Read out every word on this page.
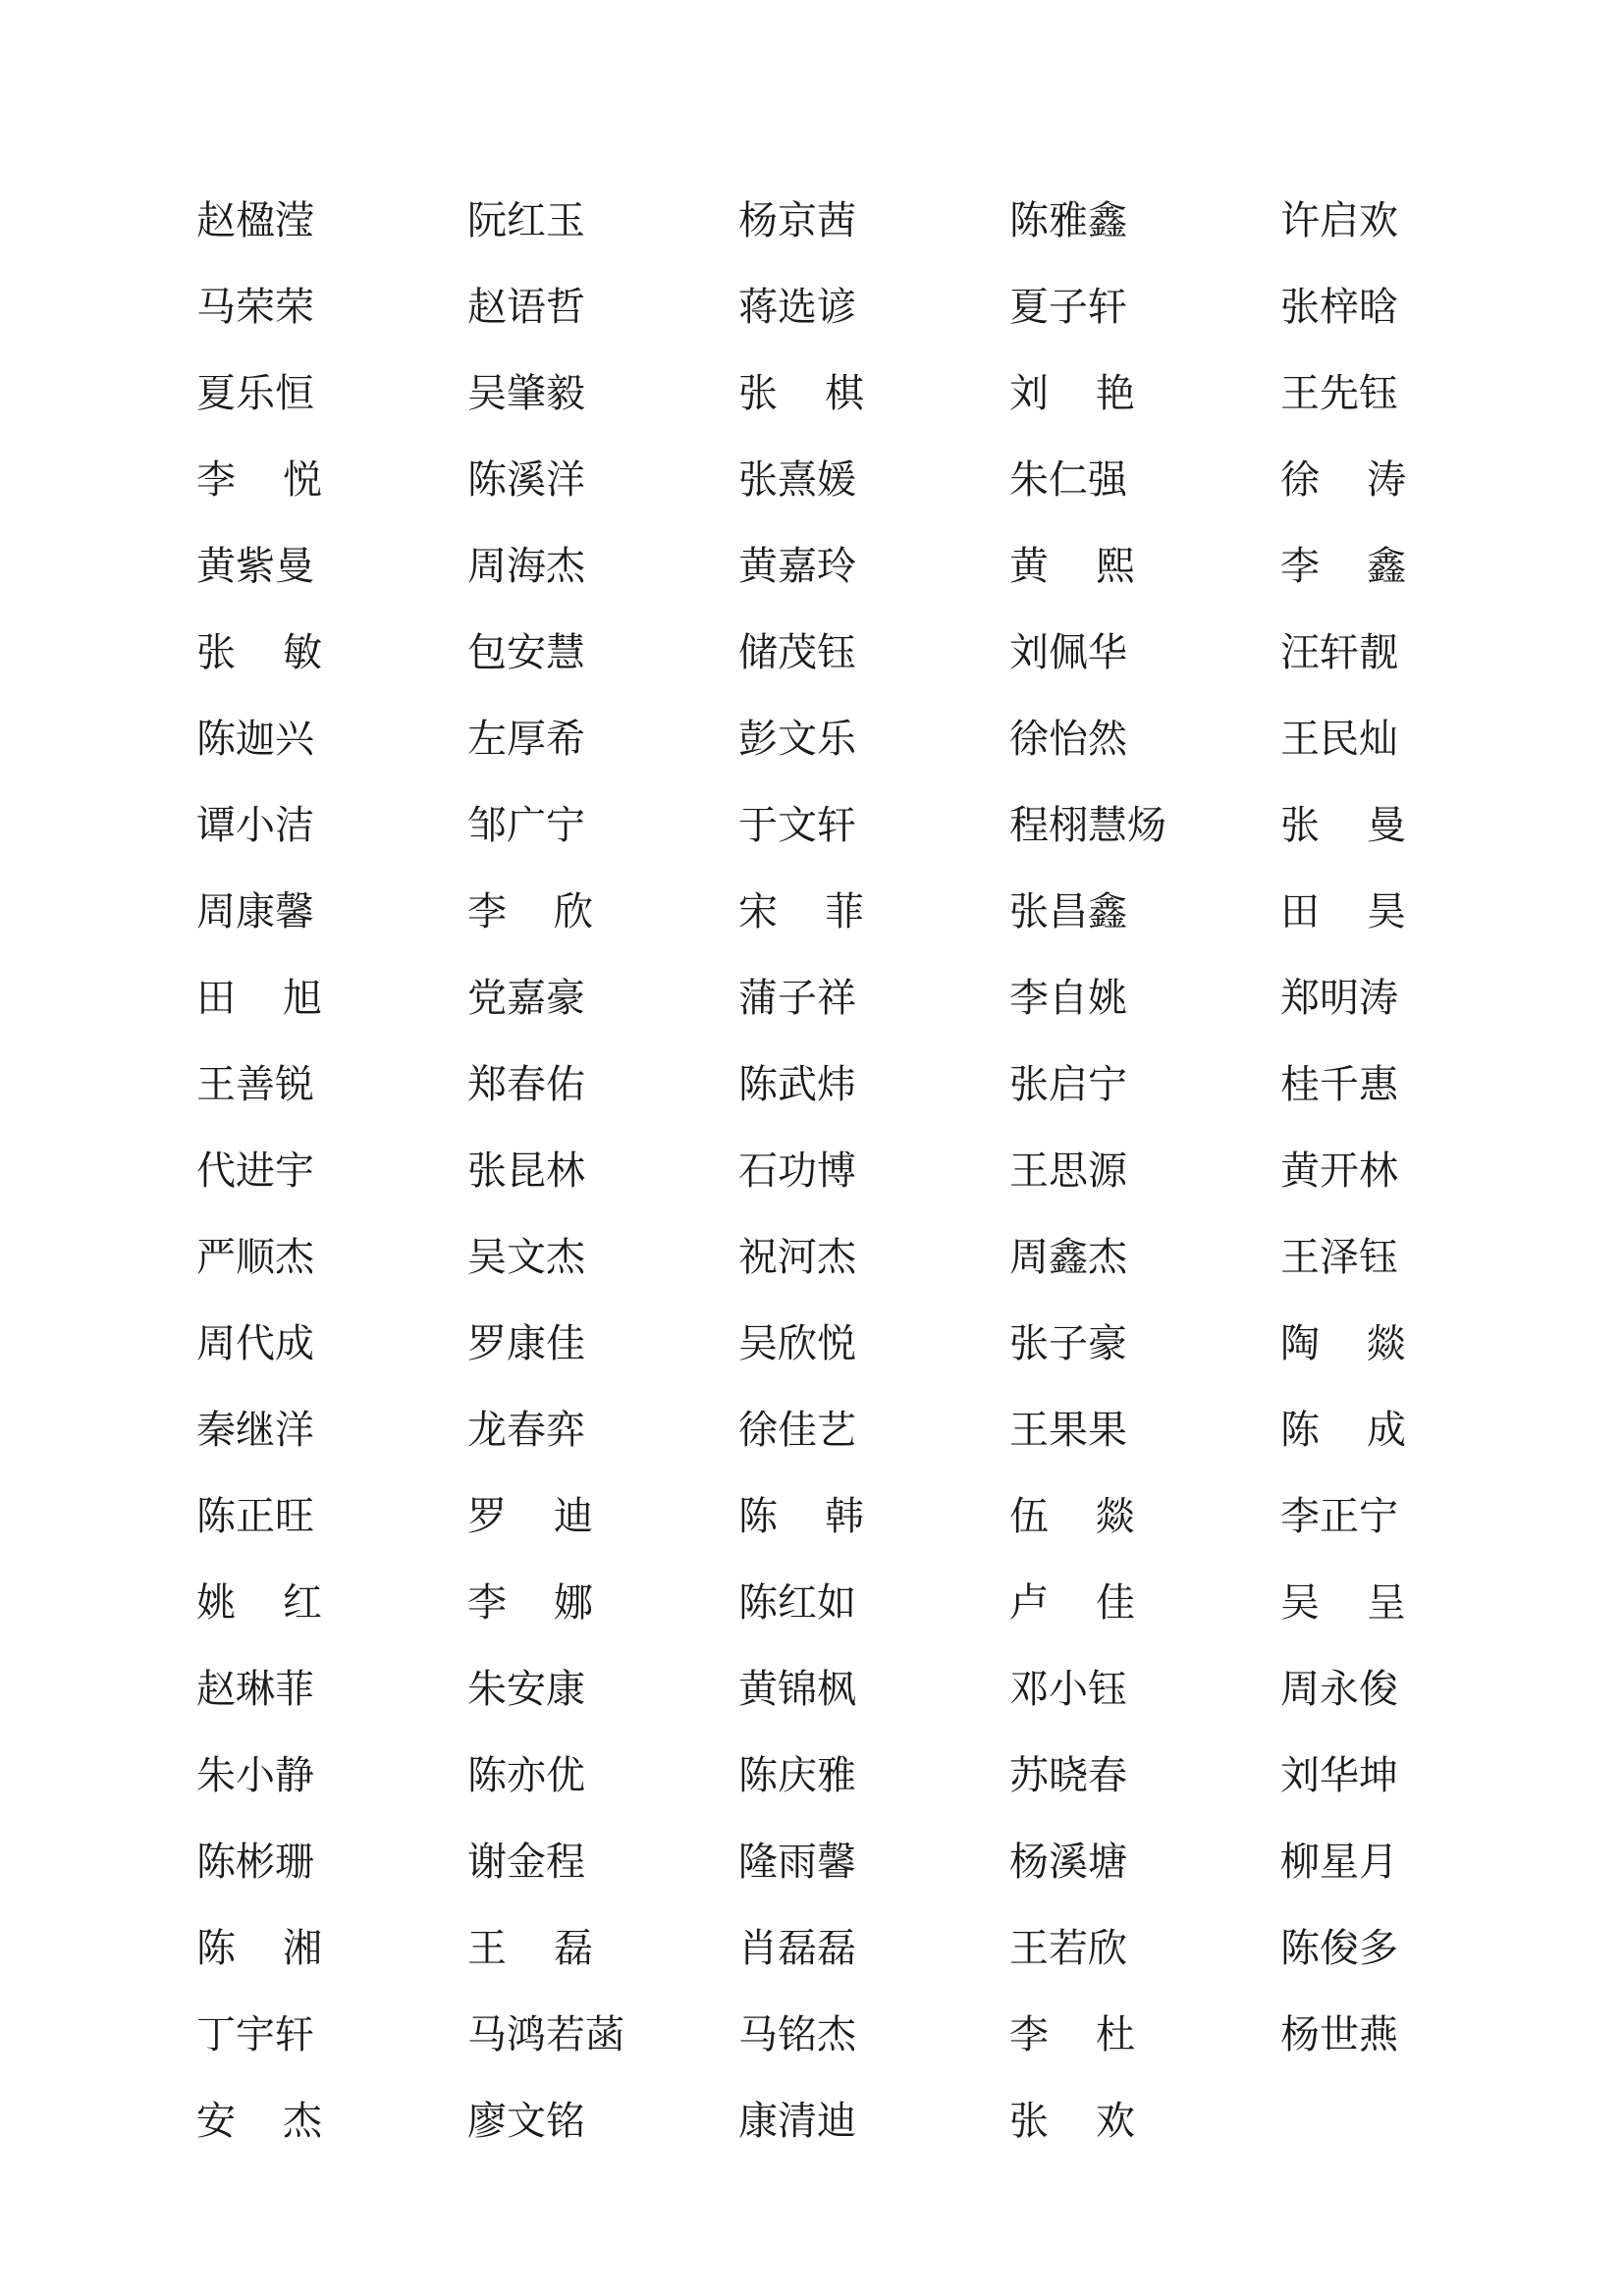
赵楹滢	阮红玉	杨京茜	陈雅鑫	许启欢
马荣荣	赵语哲	蒋选谚	夏子轩	张梓晗
夏乐恒	吴肇毅	张 棋	刘 艳	王先钰
李 悦	陈溪洋	张熹媛	朱仁强	徐 涛
黄紫曼	周海杰	黄嘉玲	黄 熙	李 鑫
张 敏	包安慧	储茂钰	刘佩华	汪轩靓
陈迦兴	左厚希	彭文乐	徐怡然	王民灿
谭小洁	邹广宁	于文轩	程栩慧炀	张 曼
周康馨	李 欣	宋 菲	张昌鑫	田 昊
田 旭	党嘉豪	蒲子祥	李自姚	郑明涛
王善锐	郑春佑	陈武炜	张启宁	桂千惠
代进宇	张昆林	石功博	王思源	黄开林
严顺杰	吴文杰	祝河杰	周鑫杰	王泽钰
周代成	罗康佳	吴欣悦	张子豪	陶 燚
秦继洋	龙春弈	徐佳艺	王果果	陈 成
陈正旺	罗 迪	陈 韩	伍 燚	李正宁
姚 红	李 娜	陈红如	卢 佳	吴 呈
赵琳菲	朱安康	黄锦枫	邓小钰	周永俊
朱小静	陈亦优	陈庆雅	苏晓春	刘华坤
陈彬珊	谢金程	隆雨馨	杨溪塘	柳星月
陈 湘	王 磊	肖磊磊	王若欣	陈俊多
丁宇轩	马鸿若菡	马铭杰	李 杜	杨世燕
安 杰	廖文铭	康清迪	张 欢
